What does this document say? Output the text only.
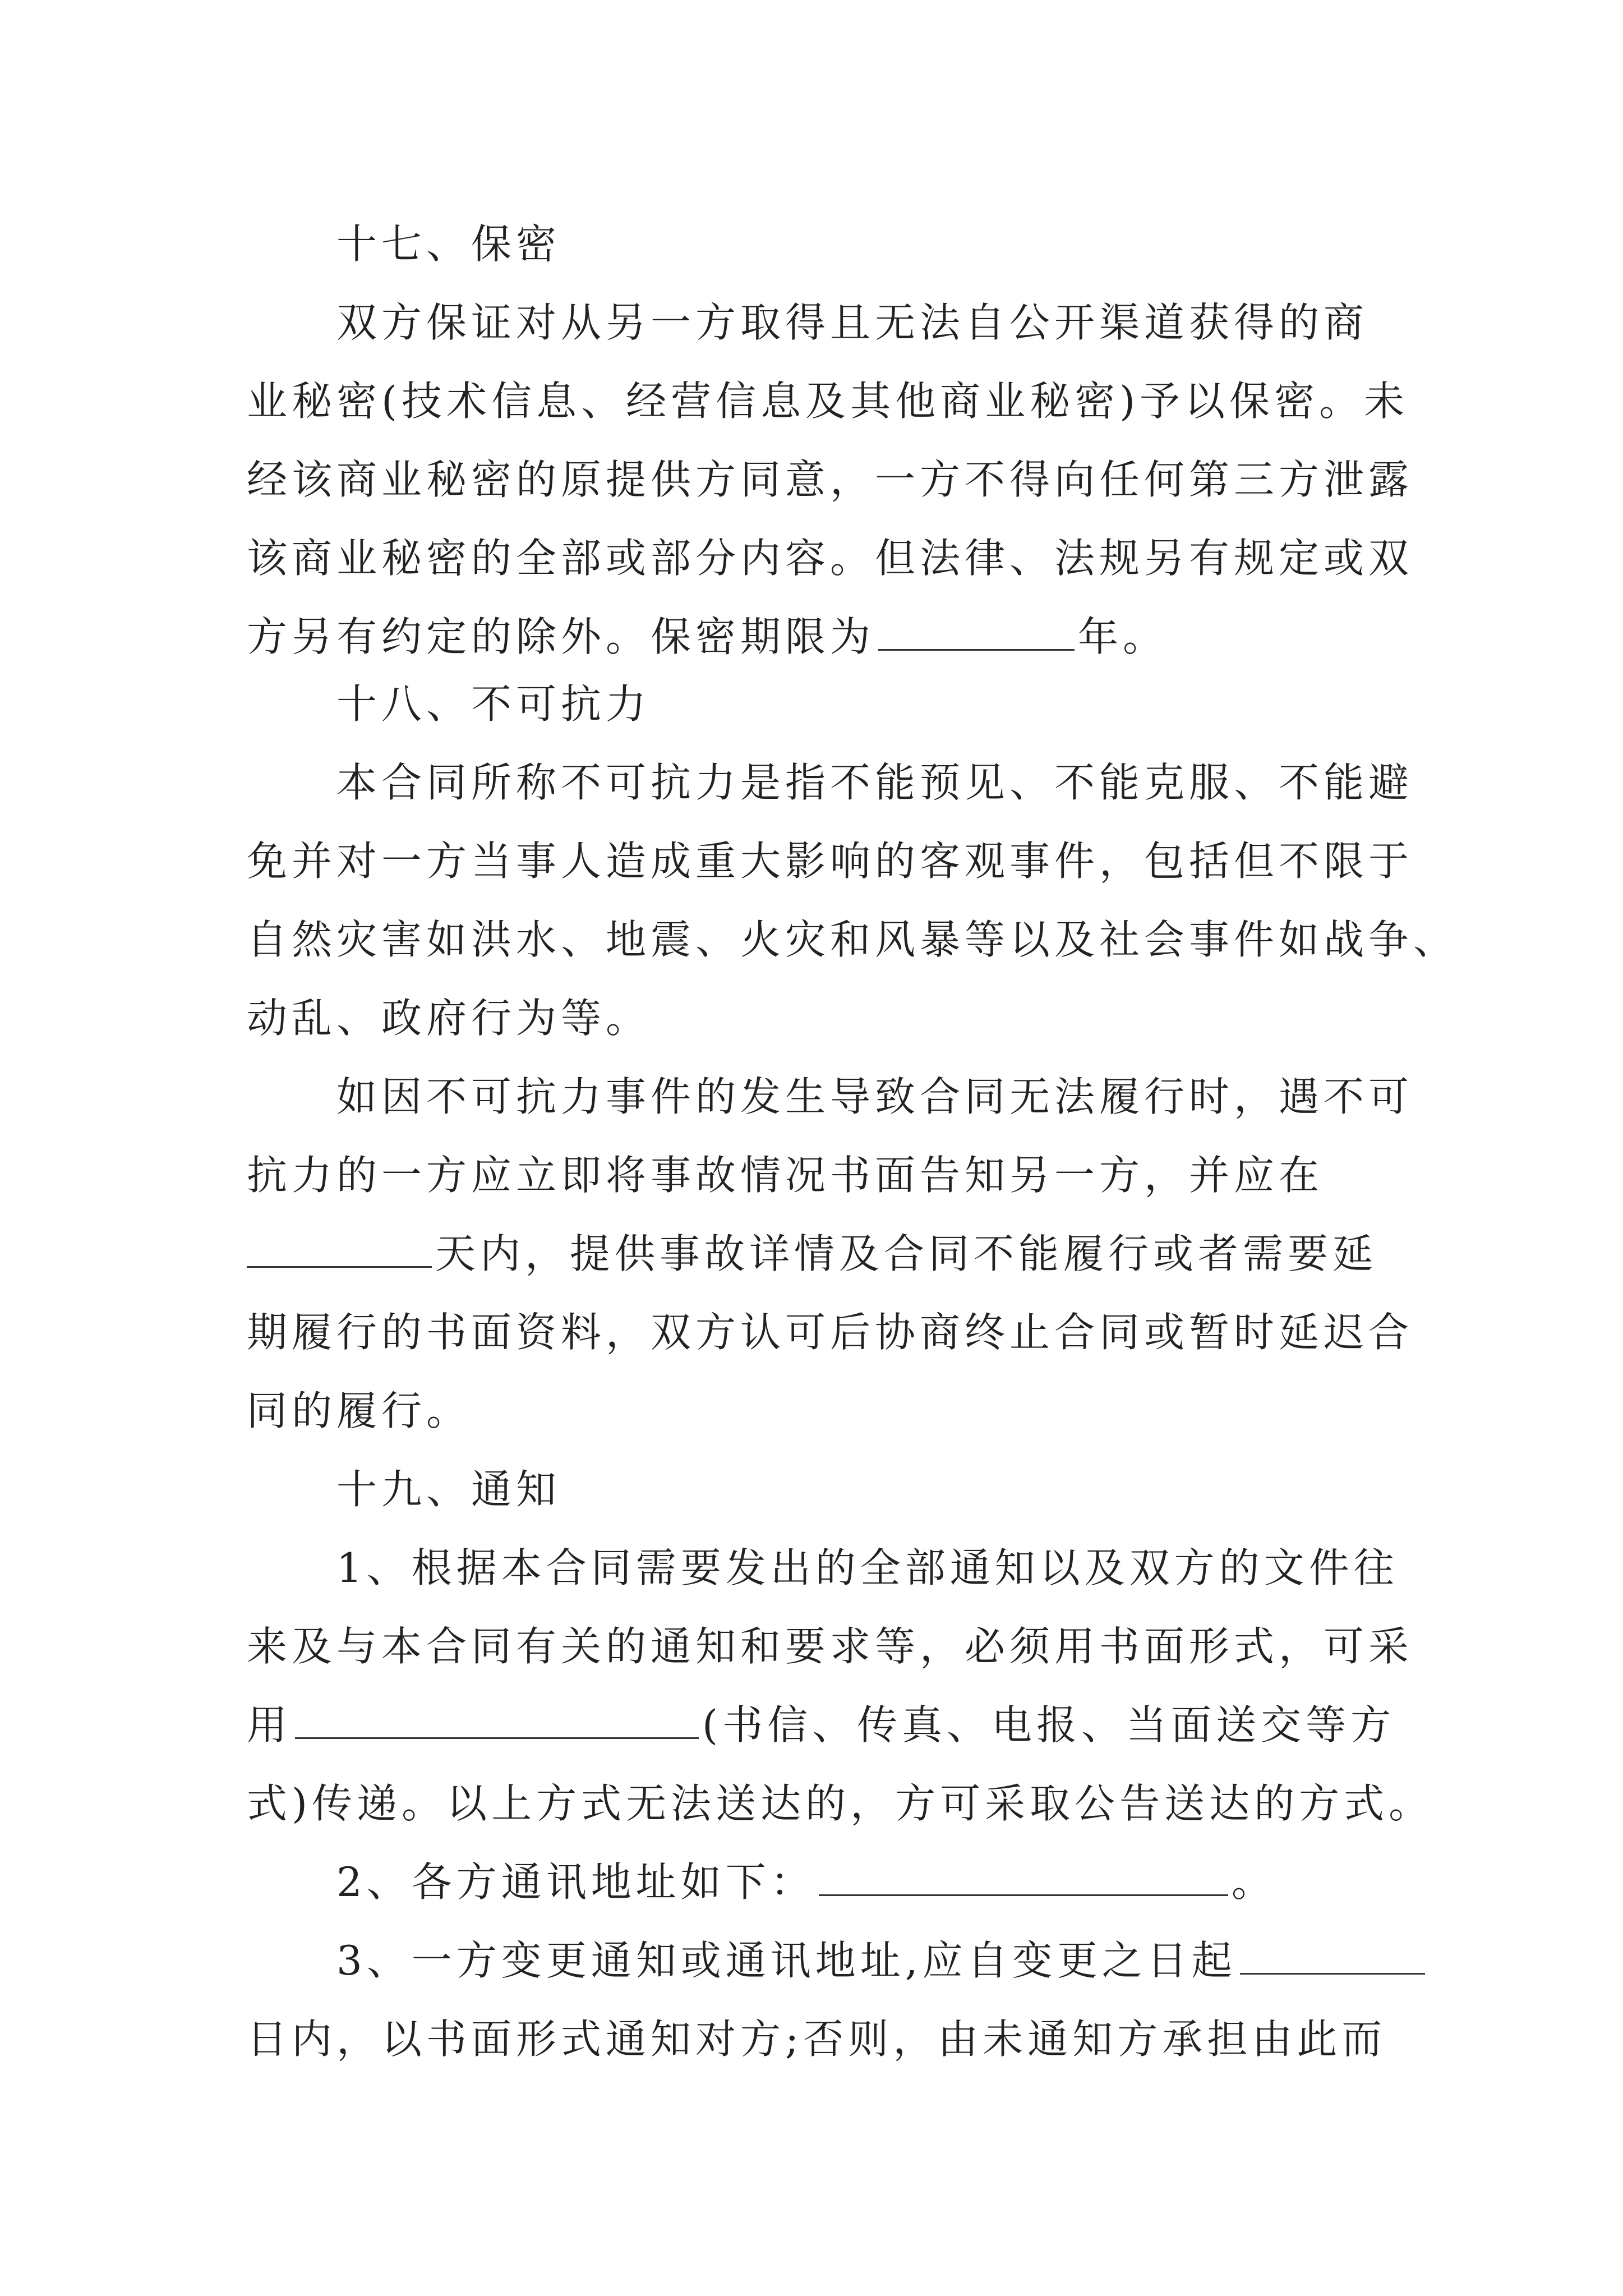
十七、保密
双方保证对从另一方取得且无法自公开渠道获得的商
业秘密(技术信息、经营信息及其他商业秘密)予以保密。未
经该商业秘密的原提供方同意，一方不得向任何第三方泄露
该商业秘密的全部或部分内容。但法律、法规另有规定或双
方另有约定的除外。保密期限为	年。
十八、不可抗力
本合同所称不可抗力是指不能预见、不能克服、不能避
免并对一方当事人造成重大影响的客观事件，包括但不限于
自然灾害如洪水、地震、火灾和风暴等以及社会事件如战争、
动乱、政府行为等。
如因不可抗力事件的发生导致合同无法履行时，遇不可
抗力的一方应立即将事故情况书面告知另一方，并应在
天内，提供事故详情及合同不能履行或者需要延
期履行的书面资料，双方认可后协商终止合同或暂时延迟合
同的履行。
十九、通知
1、根据本合同需要发出的全部通知以及双方的文件往
来及与本合同有关的通知和要求等，必须用书面形式，可采
用	(书信、传真、电报、当面送交等方
式)传递。以上方式无法送达的，方可采取公告送达的方式。
2、各方通讯地址如下：	。
3、一方变更通知或通讯地址,应自变更之日起
日内，以书面形式通知对方;否则，由未通知方承担由此而
